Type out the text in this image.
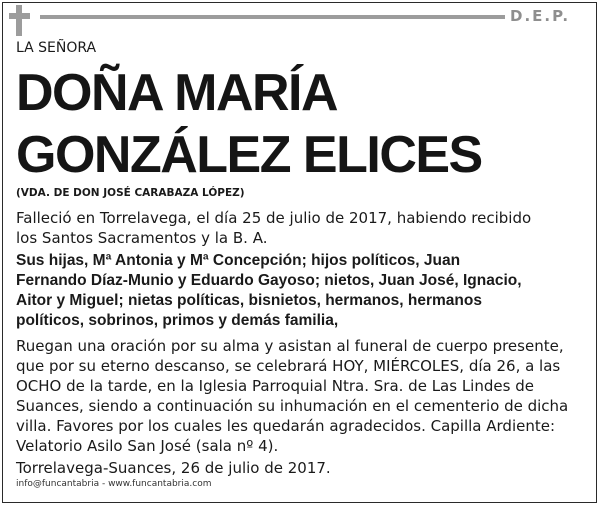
D.E.P.
LA SEÑORA
DOÑA MARÍA
GONZÁLEZ ELICES
(VDA. DE DON JOSÉ CARABAZA LÓPEZ)
Falleció en Torrelavega, el día 25 de julio de 2017, habiendo recibido los Santos Sacramentos y la B. A.
Sus hijas, Mª Antonia y Mª Concepción; hijos políticos, Juan Fernando Díaz-Munio y Eduardo Gayoso; nietos, Juan José, Ignacio, Aitor y Miguel; nietas políticas, bisnietos, hermanos, hermanos políticos, sobrinos, primos y demás familia,
Ruegan una oración por su alma y asistan al funeral de cuerpo presente, que por su eterno descanso, se celebrará HOY, MIÉRCOLES, día 26, a las OCHO de la tarde, en la Iglesia Parroquial Ntra. Sra. de Las Lindes de Suances, siendo a continuación su inhumación en el cementerio de dicha villa. Favores por los cuales les quedarán agradecidos. Capilla Ardiente: Velatorio Asilo San José (sala nº 4).
Torrelavega-Suances, 26 de julio de 2017.
info@funcantabria - www.funcantabria.com
